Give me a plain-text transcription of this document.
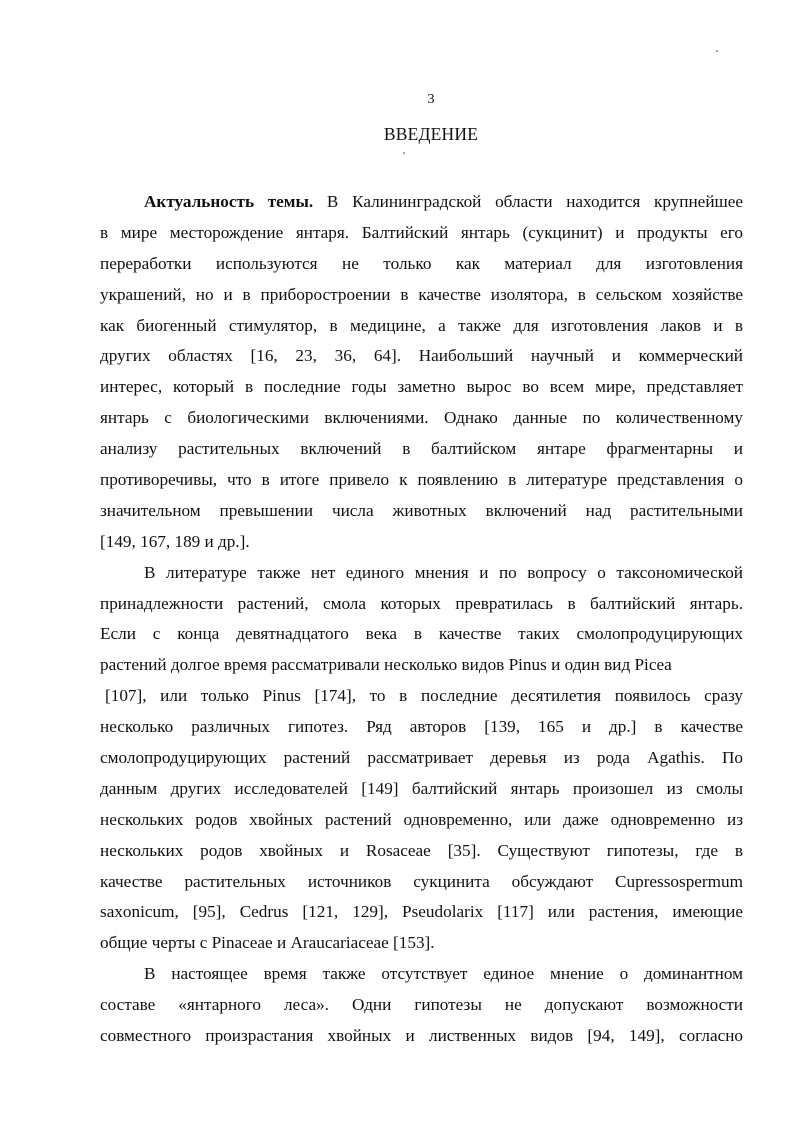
3
ВВЕДЕНИЕ
Актуальность темы. В Калининградской области находится крупнейшее
в мире месторождение янтаря. Балтийский янтарь (сукцинит) и продукты его
переработки используются не только как материал для изготовления
украшений, но и в приборостроении в качестве изолятора, в сельском хозяйстве
как биогенный стимулятор, в медицине, а также для изготовления лаков и в
других областях [16, 23, 36, 64]. Наибольший научный и коммерческий
интерес, который в последние годы заметно вырос во всем мире, представляет
янтарь с биологическими включениями. Однако данные по количественному
анализу растительных включений в балтийском янтаре фрагментарны и
противоречивы, что в итоге привело к появлению в литературе представления о
значительном превышении числа животных включений над растительными
[149, 167, 189 и др.].
В литературе также нет единого мнения и по вопросу о таксономической
принадлежности растений, смола которых превратилась в балтийский янтарь.
Если с конца девятнадцатого века в качестве таких смолопродуцирующих
растений долгое время рассматривали несколько видов Pinus и один вид Picea
[107], или только Pinus [174], то в последние десятилетия появилось сразу
несколько различных гипотез. Ряд авторов [139, 165 и др.] в качестве
смолопродуцирующих растений рассматривает деревья из рода Agathis. По
данным других исследователей [149] балтийский янтарь произошел из смолы
нескольких родов хвойных растений одновременно, или даже одновременно из
нескольких родов хвойных и Rosaceae [35]. Существуют гипотезы, где в
качестве растительных источников сукцинита обсуждают Cupressospermum
saxonicum, [95], Cedrus [121, 129], Pseudolarix [117] или растения, имеющие
общие черты с Pinaceae и Araucariaceae [153].
В настоящее время также отсутствует единое мнение о доминантном
составе «янтарного леса». Одни гипотезы не допускают возможности
совместного произрастания хвойных и лиственных видов [94, 149], согласно
